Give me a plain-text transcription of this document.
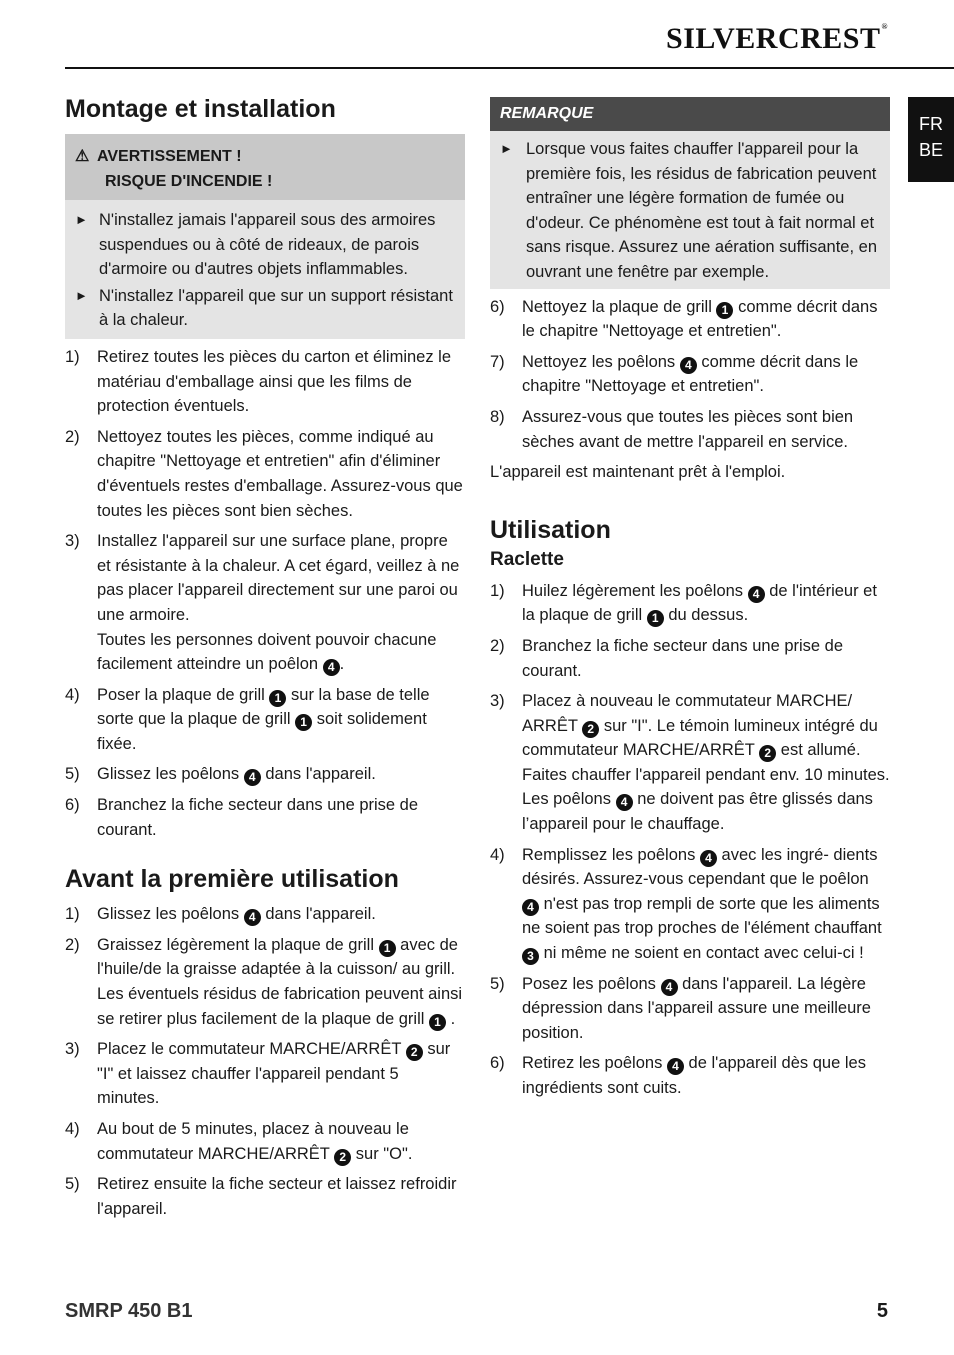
SILVERCREST®
FR
BE
Montage et installation
⚠ AVERTISSEMENT !
RISQUE D'INCENDIE !
► N'installez jamais l'appareil sous des armoires suspendues ou à côté de rideaux, de parois d'armoire ou d'autres objets inflammables.
► N'installez l'appareil que sur un support résistant à la chaleur.
1) Retirez toutes les pièces du carton et éliminez le matériau d'emballage ainsi que les films de protection éventuels.
2) Nettoyez toutes les pièces, comme indiqué au chapitre "Nettoyage et entretien" afin d'éliminer d'éventuels restes d'emballage. Assurez-vous que toutes les pièces sont bien sèches.
3) Installez l'appareil sur une surface plane, propre et résistante à la chaleur. A cet égard, veillez à ne pas placer l'appareil directement sur une paroi ou une armoire.
Toutes les personnes doivent pouvoir chacune facilement atteindre un poêlon 4 .
4) Poser la plaque de grill 1 sur la base de telle sorte que la plaque de grill 1 soit solidement fixée.
5) Glissez les poêlons 4 dans l'appareil.
6) Branchez la fiche secteur dans une prise de courant.
Avant la première utilisation
1) Glissez les poêlons 4 dans l'appareil.
2) Graissez légèrement la plaque de grill 1 avec de l'huile/de la graisse adaptée à la cuisson/ au grill. Les éventuels résidus de fabrication peuvent ainsi se retirer plus facilement de la plaque de grill 1 .
3) Placez le commutateur MARCHE/ARRÊT 2 sur "I" et laissez chauffer l'appareil pendant 5 minutes.
4) Au bout de 5 minutes, placez à nouveau le commutateur MARCHE/ARRÊT 2 sur "O".
5) Retirez ensuite la fiche secteur et laissez refroidir l'appareil.
REMARQUE
► Lorsque vous faites chauffer l'appareil pour la première fois, les résidus de fabrication peuvent entraîner une légère formation de fumée ou d'odeur. Ce phénomène est tout à fait normal et sans risque. Assurez une aération suffisante, en ouvrant une fenêtre par exemple.
6) Nettoyez la plaque de grill 1 comme décrit dans le chapitre "Nettoyage et entretien".
7) Nettoyez les poêlons 4 comme décrit dans le chapitre "Nettoyage et entretien".
8) Assurez-vous que toutes les pièces sont bien sèches avant de mettre l'appareil en service.
L'appareil est maintenant prêt à l'emploi.
Utilisation
Raclette
1) Huilez légèrement les poêlons 4 de l'intérieur et la plaque de grill 1 du dessus.
2) Branchez la fiche secteur dans une prise de courant.
3) Placez à nouveau le commutateur MARCHE/ ARRÊT 2 sur "I". Le témoin lumineux intégré du commutateur MARCHE/ARRÊT 2 est allumé. Faites chauffer l'appareil pendant env. 10 minutes. Les poêlons 4 ne doivent pas être glissés dans l’appareil pour le chauffage.
4) Remplissez les poêlons 4 avec les ingré- dients désirés. Assurez-vous cependant que le poêlon 4 n'est pas trop rempli de sorte que les aliments ne soient pas trop proches de l'élément chauffant 3 ni même ne soient en contact avec celui-ci !
5) Posez les poêlons 4 dans l'appareil. La légère dépression dans l'appareil assure une meilleure position.
6) Retirez les poêlons 4 de l'appareil dès que les ingrédients sont cuits.
SMRP 450 B1	5
